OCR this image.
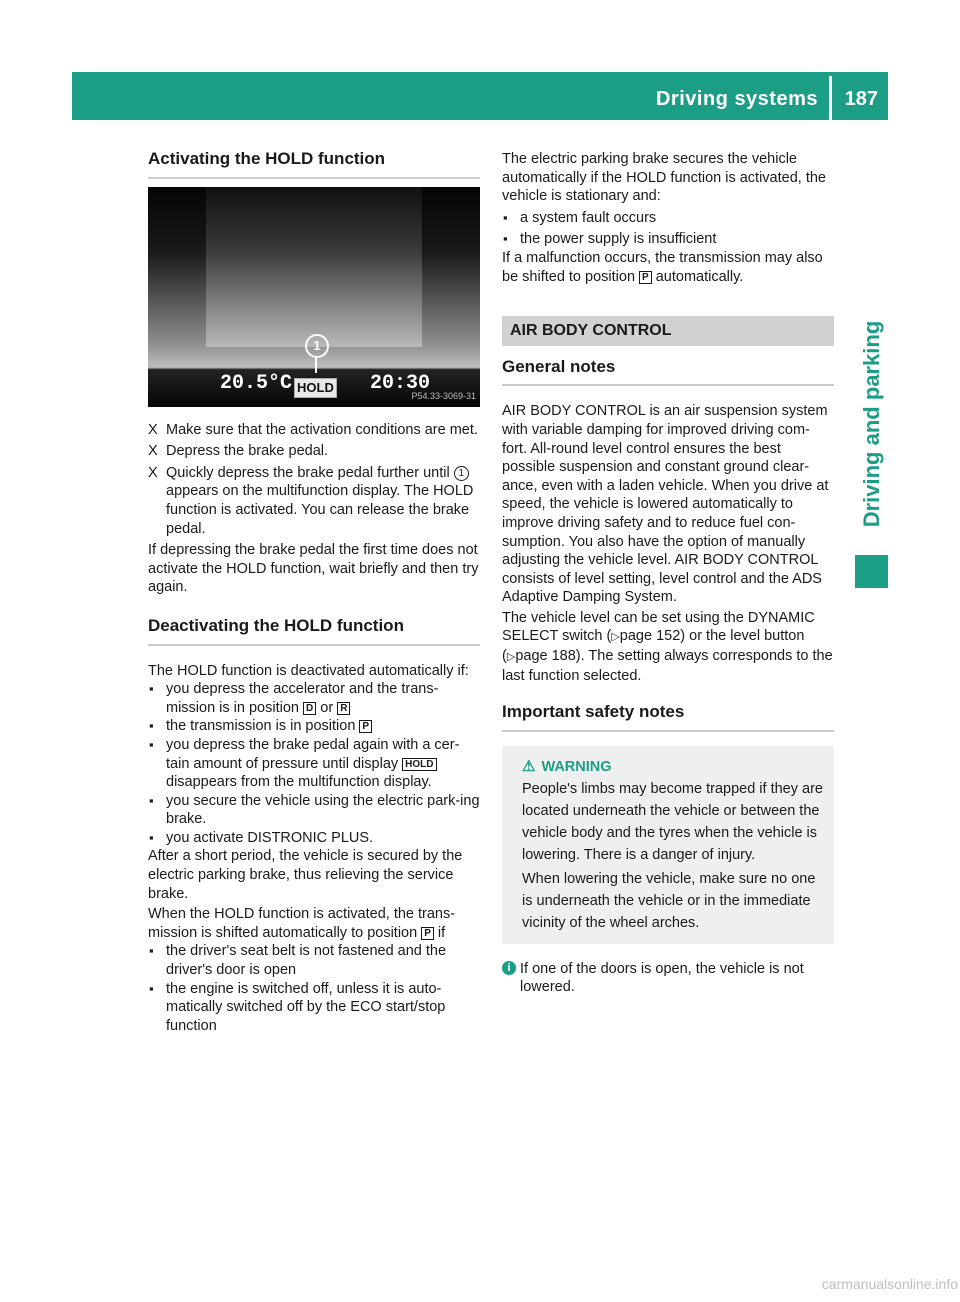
Driving systems 187
Driving and parking
Activating the HOLD function
1
20.5°C HOLD 20:30
P54.33-3069-31

X Make sure that the activation conditions are met.

X Depress the brake pedal.

X Quickly depress the brake pedal further until 1 appears on the multifunction display. The HOLD function is activated. You can release the brake pedal.

If depressing the brake pedal the first time does not activate the HOLD function, wait briefly and then try again.

Deactivating the HOLD function

The HOLD function is deactivated automatically if:

▪ you depress the accelerator and the trans-mission is in position D or R

▪ the transmission is in position P

▪ you depress the brake pedal again with a cer-tain amount of pressure until display HOLD disappears from the multifunction display.

▪ you secure the vehicle using the electric park-ing brake.

▪ you activate DISTRONIC PLUS.

After a short period, the vehicle is secured by the electric parking brake, thus relieving the service brake.

When the HOLD function is activated, the trans-mission is shifted automatically to position P if

▪ the driver's seat belt is not fastened and the driver's door is open

▪ the engine is switched off, unless it is auto-matically switched off by the ECO start/stop function

The electric parking brake secures the vehicle automatically if the HOLD function is activated, the vehicle is stationary and:

▪ a system fault occurs

▪ the power supply is insufficient

If a malfunction occurs, the transmission may also be shifted to position P automatically.

AIR BODY CONTROL
General notes

AIR BODY CONTROL is an air suspension system with variable damping for improved driving com-fort. All-round level control ensures the best possible suspension and constant ground clear-ance, even with a laden vehicle. When you drive at speed, the vehicle is lowered automatically to improve driving safety and to reduce fuel con-sumption. You also have the option of manually adjusting the vehicle level. AIR BODY CONTROL consists of level setting, level control and the ADS Adaptive Damping System.

The vehicle level can be set using the DYNAMIC SELECT switch (▷page 152) or the level button (▷page 188). The setting always corresponds to the last function selected.

Important safety notes
⚠ WARNING

People's limbs may become trapped if they are located underneath the vehicle or between the vehicle body and the tyres when the vehicle is lowering. There is a danger of injury.

When lowering the vehicle, make sure no one is underneath the vehicle or in the immediate vicinity of the wheel arches.

i If one of the doors is open, the vehicle is not lowered.
carmanualsonline.info
